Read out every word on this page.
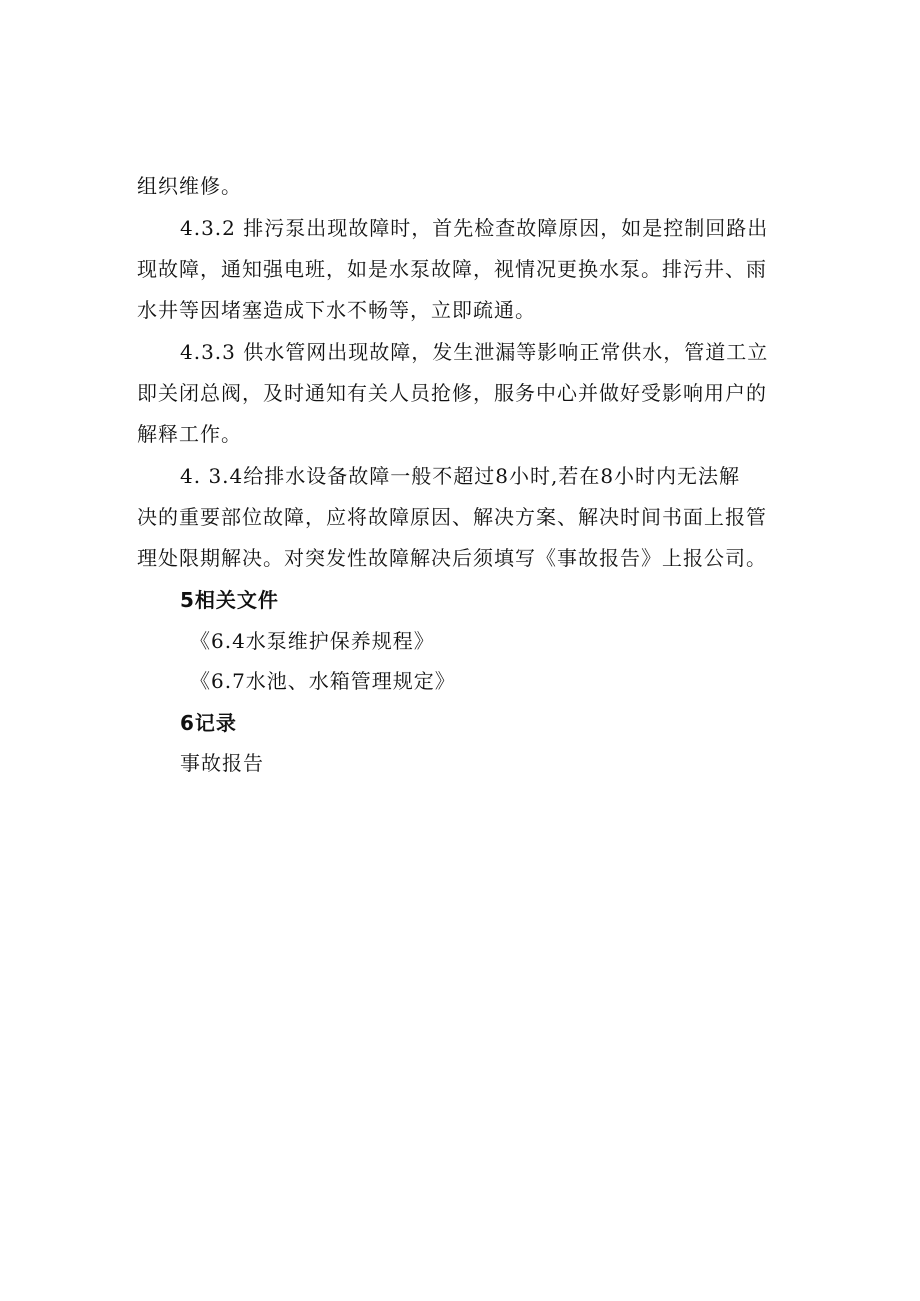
组织维修。
4.3.2 排污泵出现故障时，首先检查故障原因，如是控制回路出
现故障，通知强电班，如是水泵故障，视情况更换水泵。排污井、雨
水井等因堵塞造成下水不畅等，立即疏通。
4.3.3 供水管网出现故障，发生泄漏等影响正常供水，管道工立
即关闭总阀，及时通知有关人员抢修，服务中心并做好受影响用户的
解释工作。
4. 3.4给排水设备故障一般不超过8小时,若在8小时内无法解
决的重要部位故障，应将故障原因、解决方案、解决时间书面上报管
理处限期解决。对突发性故障解决后须填写《事故报告》上报公司。
5相关文件
《6.4水泵维护保养规程》
《6.7水池、水箱管理规定》
6记录
事故报告
